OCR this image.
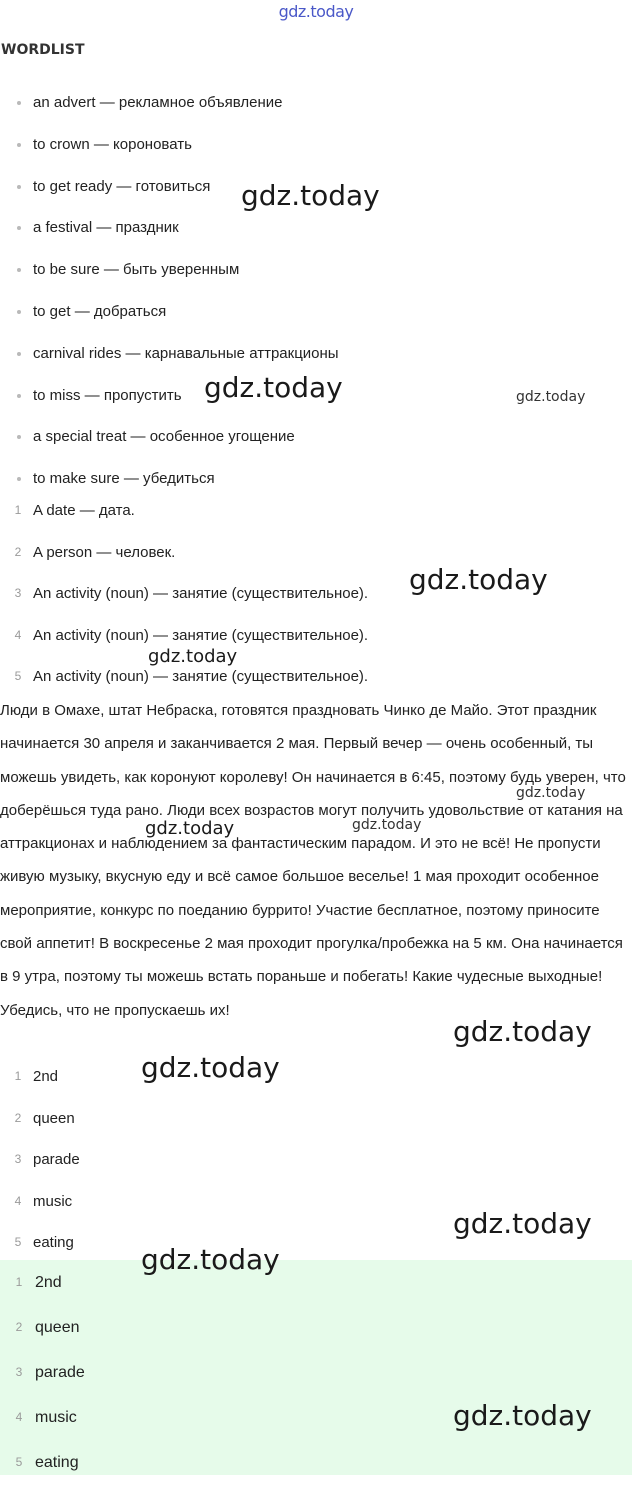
gdz.today
WORDLIST
an advert — рекламное объявление
to crown — короновать
to get ready — готовиться
a festival — праздник
to be sure — быть уверенным
to get — добраться
carnival rides — карнавальные аттракционы
to miss — пропустить
a special treat — особенное угощение
to make sure — убедиться
1 A date — дата.
2 A person — человек.
3 An activity (noun) — занятие (существительное).
4 An activity (noun) — занятие (существительное).
5 An activity (noun) — занятие (существительное).

Люди в Омахе, штат Небраска, готовятся праздновать Чинко де Майо. Этот праздник начинается 30 апреля и заканчивается 2 мая. Первый вечер — очень особенный, ты можешь увидеть, как коронуют королеву! Он начинается в 6:45, поэтому будь уверен, что доберёшься туда рано. Люди всех возрастов могут получить удовольствие от катания на аттракционах и наблюдением за фантастическим парадом. И это не всё! Не пропусти живую музыку, вкусную еду и всё самое большое веселье! 1 мая проходит особенное мероприятие, конкурс по поеданию буррито! Участие бесплатное, поэтому приносите свой аппетит! В воскресенье 2 мая проходит прогулка/пробежка на 5 км. Она начинается в 9 утра, поэтому ты можешь встать пораньше и побегать! Какие чудесные выходные! Убедись, что не пропускаешь их!

1 2nd
2 queen
3 parade
4 music
5 eating
1 2nd
2 queen
3 parade
4 music
5 eating
gdz.today
gdz.today	gdz.today
gdz.today
gdz.today
gdz.today
gdz.today	gdz.today
gdz.today
gdz.today
gdz.today
gdz.today
gdz.today
